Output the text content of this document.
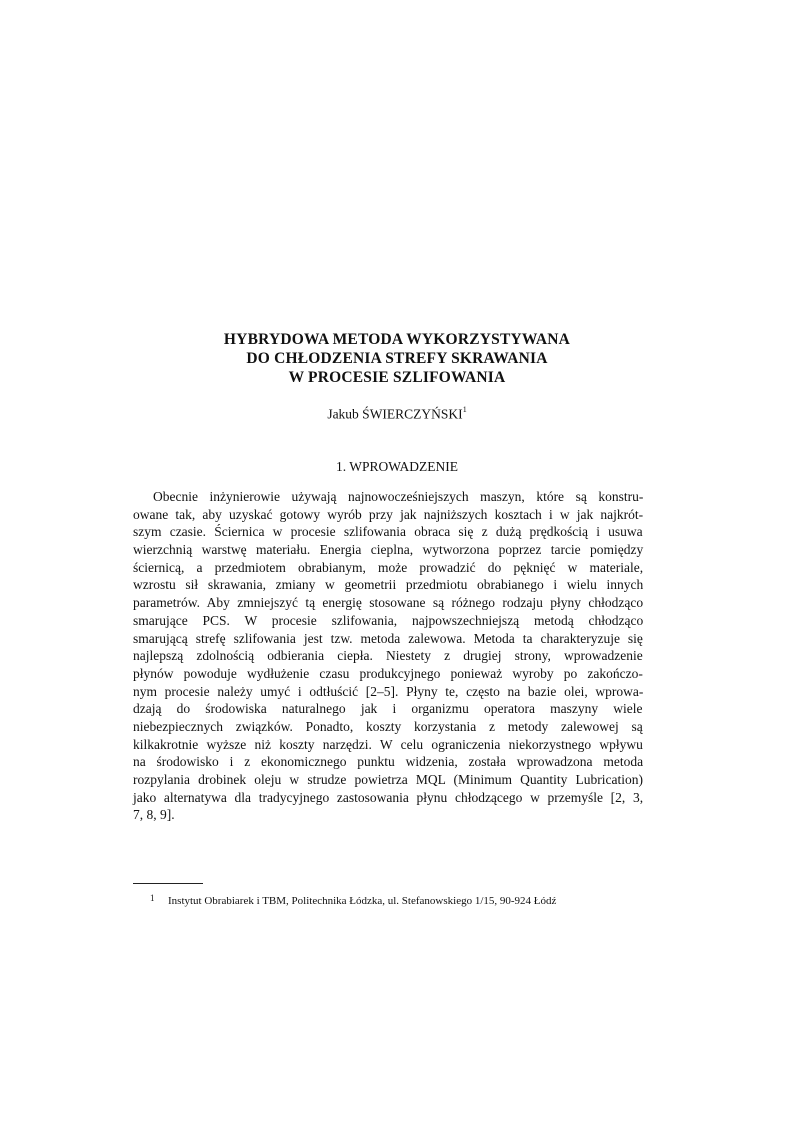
HYBRYDOWA METODA WYKORZYSTYWANA
DO CHŁODZENIA STREFY SKRAWANIA
W PROCESIE SZLIFOWANIA
Jakub ŚWIERCZYŃSKI$^1$
1. WPROWADZENIE
Obecnie inżynierowie używają najnowocześniejszych maszyn, które są konstru-
owane tak, aby uzyskać gotowy wyrób przy jak najniższych kosztach i w jak najkrót-
szym czasie. Ściernica w procesie szlifowania obraca się z dużą prędkością i usuwa
wierzchnią warstwę materiału. Energia cieplna, wytworzona poprzez tarcie pomiędzy
ściernicą, a przedmiotem obrabianym, może prowadzić do pęknięć w materiale,
wzrostu sił skrawania, zmiany w geometrii przedmiotu obrabianego i wielu innych
parametrów. Aby zmniejszyć tą energię stosowane są różnego rodzaju płyny chłodząco
smarujące PCS. W procesie szlifowania, najpowszechniejszą metodą chłodząco
smarującą strefę szlifowania jest tzw. metoda zalewowa. Metoda ta charakteryzuje się
najlepszą zdolnością odbierania ciepła. Niestety z drugiej strony, wprowadzenie
płynów powoduje wydłużenie czasu produkcyjnego ponieważ wyroby po zakończo-
nym procesie należy umyć i odtłuścić [2–5]. Płyny te, często na bazie olei, wprowa-
dzają do środowiska naturalnego jak i organizmu operatora maszyny wiele
niebezpiecznych związków. Ponadto, koszty korzystania z metody zalewowej są
kilkakrotnie wyższe niż koszty narzędzi. W celu ograniczenia niekorzystnego wpływu
na środowisko i z ekonomicznego punktu widzenia, została wprowadzona metoda
rozpylania drobinek oleju w strudze powietrza MQL (Minimum Quantity Lubrication)
jako alternatywa dla tradycyjnego zastosowania płynu chłodzącego w przemyśle [2, 3,
7, 8, 9].
1 Instytut Obrabiarek i TBM, Politechnika Łódzka, ul. Stefanowskiego 1/15, 90-924 Łódź
